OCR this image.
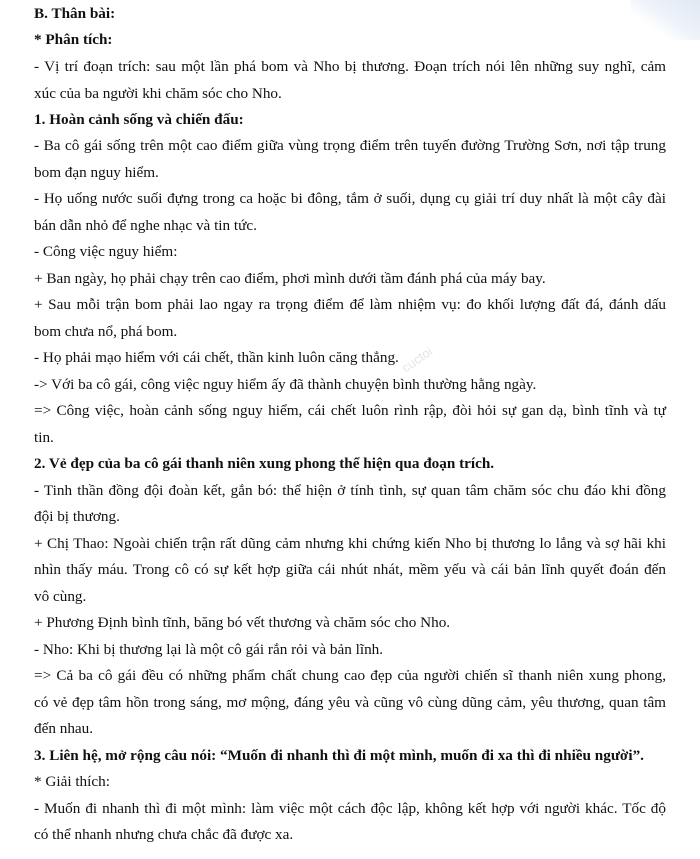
cuctoi
B. Thân bài:
* Phân tích:
- Vị trí đoạn trích: sau một lần phá bom và Nho bị thương. Đoạn trích nói lên những suy nghĩ, cảm
xúc của ba người khi chăm sóc cho Nho.
1. Hoàn cảnh sống và chiến đấu:
- Ba cô gái sống trên một cao điểm giữa vùng trọng điểm trên tuyến đường Trường Sơn, nơi tập trung
bom đạn nguy hiểm.
- Họ uống nước suối đựng trong ca hoặc bi đông, tắm ở suối, dụng cụ giải trí duy nhất là một cây đài
bán dẫn nhỏ để nghe nhạc và tin tức.
- Công việc nguy hiểm:
+ Ban ngày, họ phải chạy trên cao điểm, phơi mình dưới tầm đánh phá của máy bay.
+ Sau mỗi trận bom phải lao ngay ra trọng điểm để làm nhiệm vụ: đo khối lượng đất đá, đánh dấu
bom chưa nổ, phá bom.
- Họ phải mạo hiểm với cái chết, thần kinh luôn căng thẳng.
-> Với ba cô gái, công việc nguy hiểm ấy đã thành chuyện bình thường hằng ngày.
=> Công việc, hoàn cảnh sống nguy hiểm, cái chết luôn rình rập, đòi hỏi sự gan dạ, bình tĩnh và tự
tin.
2. Vẻ đẹp của ba cô gái thanh niên xung phong thể hiện qua đoạn trích.
- Tinh thần đồng đội đoàn kết, gắn bó: thể hiện ở tính tình, sự quan tâm chăm sóc chu đáo khi đồng
đội bị thương.
+ Chị Thao: Ngoài chiến trận rất dũng cảm nhưng khi chứng kiến Nho bị thương lo lắng và sợ hãi khi
nhìn thấy máu. Trong cô có sự kết hợp giữa cái nhút nhát, mềm yếu và cái bản lĩnh quyết đoán đến
vô cùng.
+ Phương Định bình tĩnh, băng bó vết thương và chăm sóc cho Nho.
- Nho: Khi bị thương lại là một cô gái rắn rỏi và bản lĩnh.
=> Cả ba cô gái đều có những phẩm chất chung cao đẹp của người chiến sĩ thanh niên xung phong,
có vẻ đẹp tâm hồn trong sáng, mơ mộng, đáng yêu và cũng vô cùng dũng cảm, yêu thương, quan tâm
đến nhau.
3. Liên hệ, mở rộng câu nói: “Muốn đi nhanh thì đi một mình, muốn đi xa thì đi nhiều người”.
* Giải thích:
- Muốn đi nhanh thì đi một mình: làm việc một cách độc lập, không kết hợp với người khác. Tốc độ
có thể nhanh nhưng chưa chắc đã được xa.
